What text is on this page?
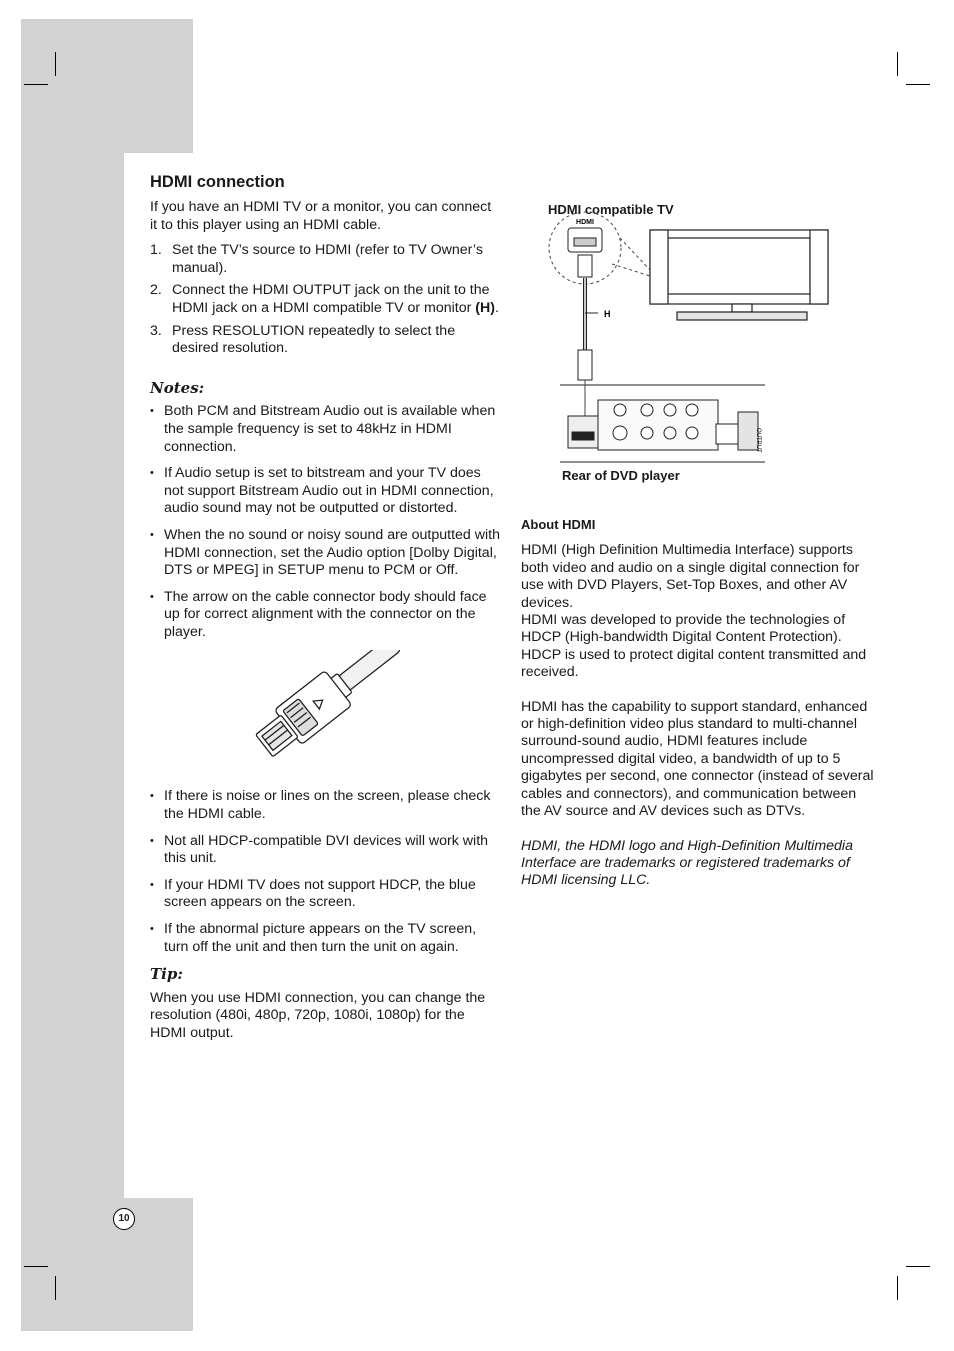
HDMI connection

If you have an HDMI TV or a monitor, you can connect it to this player using an HDMI cable.

1. Set the TV’s source to HDMI (refer to TV Owner’s manual).
2. Connect the HDMI OUTPUT jack on the unit to the HDMI jack on a HDMI compatible TV or monitor (H).
3. Press RESOLUTION repeatedly to select the desired resolution.
Notes:
• Both PCM and Bitstream Audio out is available when the sample frequency is set to 48kHz in HDMI connection.
• If Audio setup is set to bitstream and your TV does not support Bitstream Audio out in HDMI connection, audio sound may not be outputted or distorted.
• When the no sound or noisy sound are outputted with HDMI connection, set the Audio option [Dolby Digital, DTS or MPEG] in SETUP menu to PCM or Off.
• The arrow on the cable connector body should face up for correct alignment with the connector on the player.
• If there is noise or lines on the screen, please check the HDMI cable.
• Not all HDCP-compatible DVI devices will work with this unit.
• If your HDMI TV does not support HDCP, the blue screen appears on the screen.
• If the abnormal picture appears on the TV screen, turn off the unit and then turn the unit on again.
Tip:

When you use HDMI connection, you can change the resolution (480i, 480p, 720p, 1080i, 1080p) for the HDMI output.

HDMI compatible TV
HDMI
H
OUTPUT
Rear of DVD player
About HDMI

HDMI (High Definition Multimedia Interface) supports both video and audio on a single digital connection for use with DVD Players, Set-Top Boxes, and other AV devices.

HDMI was developed to provide the technologies of HDCP (High-bandwidth Digital Content Protection). HDCP is used to protect digital content transmitted and received.

HDMI has the capability to support standard, enhanced or high-definition video plus standard to multi-channel surround-sound audio, HDMI features include uncompressed digital video, a bandwidth of up to 5 gigabytes per second, one connector (instead of several cables and connectors), and communication between the AV source and AV devices such as DTVs.

HDMI, the HDMI logo and High-Definition Multimedia Interface are trademarks or registered trademarks of HDMI licensing LLC.

10
